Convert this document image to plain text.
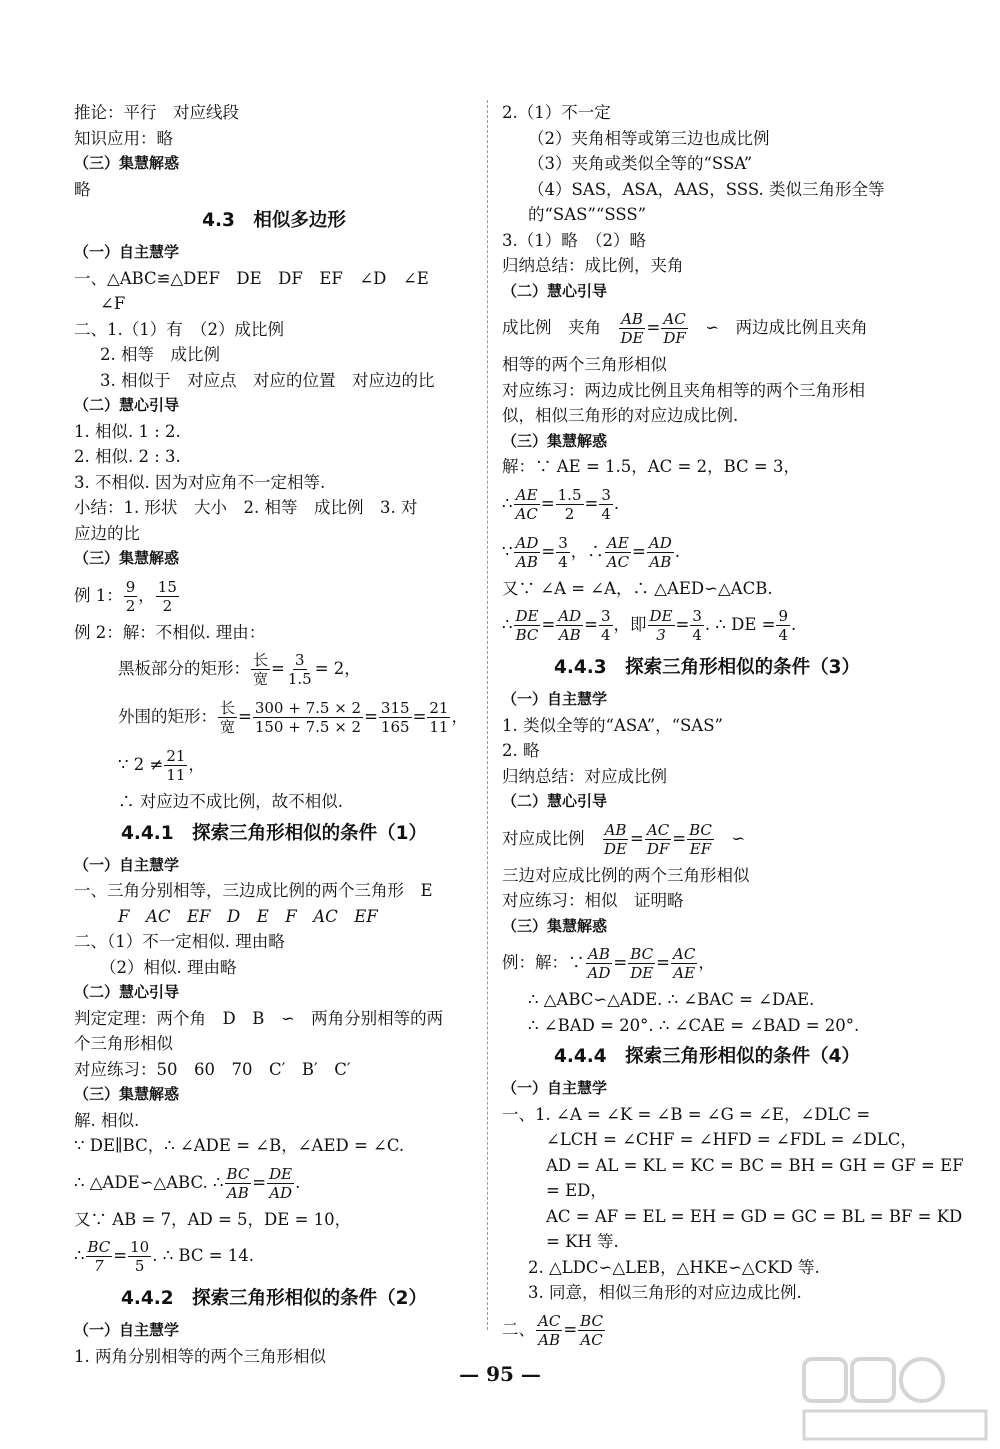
推论：平行　对应线段
知识应用：略
（三）集慧解惑
略
4.3　相似多边形
（一）自主慧学
一、△ABC≌△DEF　DE　DF　EF　∠D　∠E
∠F
二、1.（1）有　（2）成比例
2. 相等　成比例
3. 相似于　对应点　对应的位置　对应边的比
（二）慧心引导
1. 相似. 1 : 2.
2. 相似. 2 : 3.
3. 不相似. 因为对应角不一定相等.
小结：1. 形状　大小　2. 相等　成比例　3. 对
应边的比
（三）集慧解惑
例 1： $\frac{9}{2}$ ， $\frac{15}{2}$
例 2：解：不相似. 理由：
黑板部分的矩形： $\frac{\text{长}}{\text{宽}} = \frac{3}{1.5} = 2$，
外围的矩形： $\frac{\text{长}}{\text{宽}} = \frac{300 + 7.5 \times 2}{150 + 7.5 \times 2} = \frac{315}{165} = \frac{21}{11}$ ，
∵ $2 \ne \frac{21}{11}$ ，
∴ 对应边不成比例，故不相似.
4.4.1　探索三角形相似的条件（1）
（一）自主慧学
一、三角分别相等，三边成比例的两个三角形　E
F　AC　EF　D　E　F　AC　EF
二、（1）不一定相似. 理由略
（2）相似. 理由略
（二）慧心引导
判定定理：两个角　D　B　∽　两角分别相等的两
个三角形相似
对应练习：50　60　70　C′　B′　C′
（三）集慧解惑
解. 相似.
∵ DE∥BC，∴ ∠ADE = ∠B，∠AED = ∠C.
∴ △ADE∽△ABC. ∴ $\frac{BC}{AB} = \frac{DE}{AD}$ .
又∵ AB = 7，AD = 5，DE = 10，
∴ $\frac{BC}{7} = \frac{10}{5}$ . ∴ BC = 14.
4.4.2　探索三角形相似的条件（2）
（一）自主慧学
1. 两角分别相等的两个三角形相似
2.（1）不一定
（2）夹角相等或第三边也成比例
（3）夹角或类似全等的“SSA”
（4）SAS，ASA，AAS，SSS. 类似三角形全等
的“SAS”“SSS”
3.（1）略　（2）略
归纳总结：成比例，夹角
（二）慧心引导
成比例　夹角　 $\frac{AB}{DE} = \frac{AC}{DF}$
　 ∽　两边成比例且夹角
相等的两个三角形相似
对应练习：两边成比例且夹角相等的两个三角形相
似，相似三角形的对应边成比例.
（三）集慧解惑
解：∵ AE = 1.5，AC = 2，BC = 3，
∴ $\frac{AE}{AC} = \frac{1.5}{2} = \frac{3}{4}$ .
∵ $\frac{AD}{AB} = \frac{3}{4}$ ，∴ $\frac{AE}{AC} = \frac{AD}{AB}$ .
又∵ ∠A = ∠A，∴ △AED∽△ACB.
∴ $\frac{DE}{BC} = \frac{AD}{AB} = \frac{3}{4}$ ，即 $\frac{DE}{3} = \frac{3}{4}$ . ∴ DE = $\frac{9}{4}$ .
4.4.3　探索三角形相似的条件（3）
（一）自主慧学
1. 类似全等的“ASA”，“SAS”
2. 略
归纳总结：对应成比例
（二）慧心引导
对应成比例　 $\frac{AB}{DE} = \frac{AC}{DF} = \frac{BC}{EF}$
　 ∽
三边对应成比例的两个三角形相似
对应练习：相似　证明略
（三）集慧解惑
例：解：∵ $\frac{AB}{AD} = \frac{BC}{DE} = \frac{AC}{AE}$ ，
∴ △ABC∽△ADE. ∴ ∠BAC = ∠DAE.
∴ ∠BAD = 20°. ∴ ∠CAE = ∠BAD = 20°.
4.4.4　探索三角形相似的条件（4）
（一）自主慧学
一、1. ∠A = ∠K = ∠B = ∠G = ∠E，∠DLC =
∠LCH = ∠CHF = ∠HFD = ∠FDL = ∠DLC，
AD = AL = KL = KC = BC = BH = GH = GF = EF
= ED，
AC = AF = EL = EH = GD = GC = BL = BF = KD
= KH 等.
2. △LDC∽△LEB，△HKE∽△CKD 等.
3. 同意，相似三角形的对应边成比例.
二、 $\frac{AC}{AB} = \frac{BC}{AC}$
— 95 —
